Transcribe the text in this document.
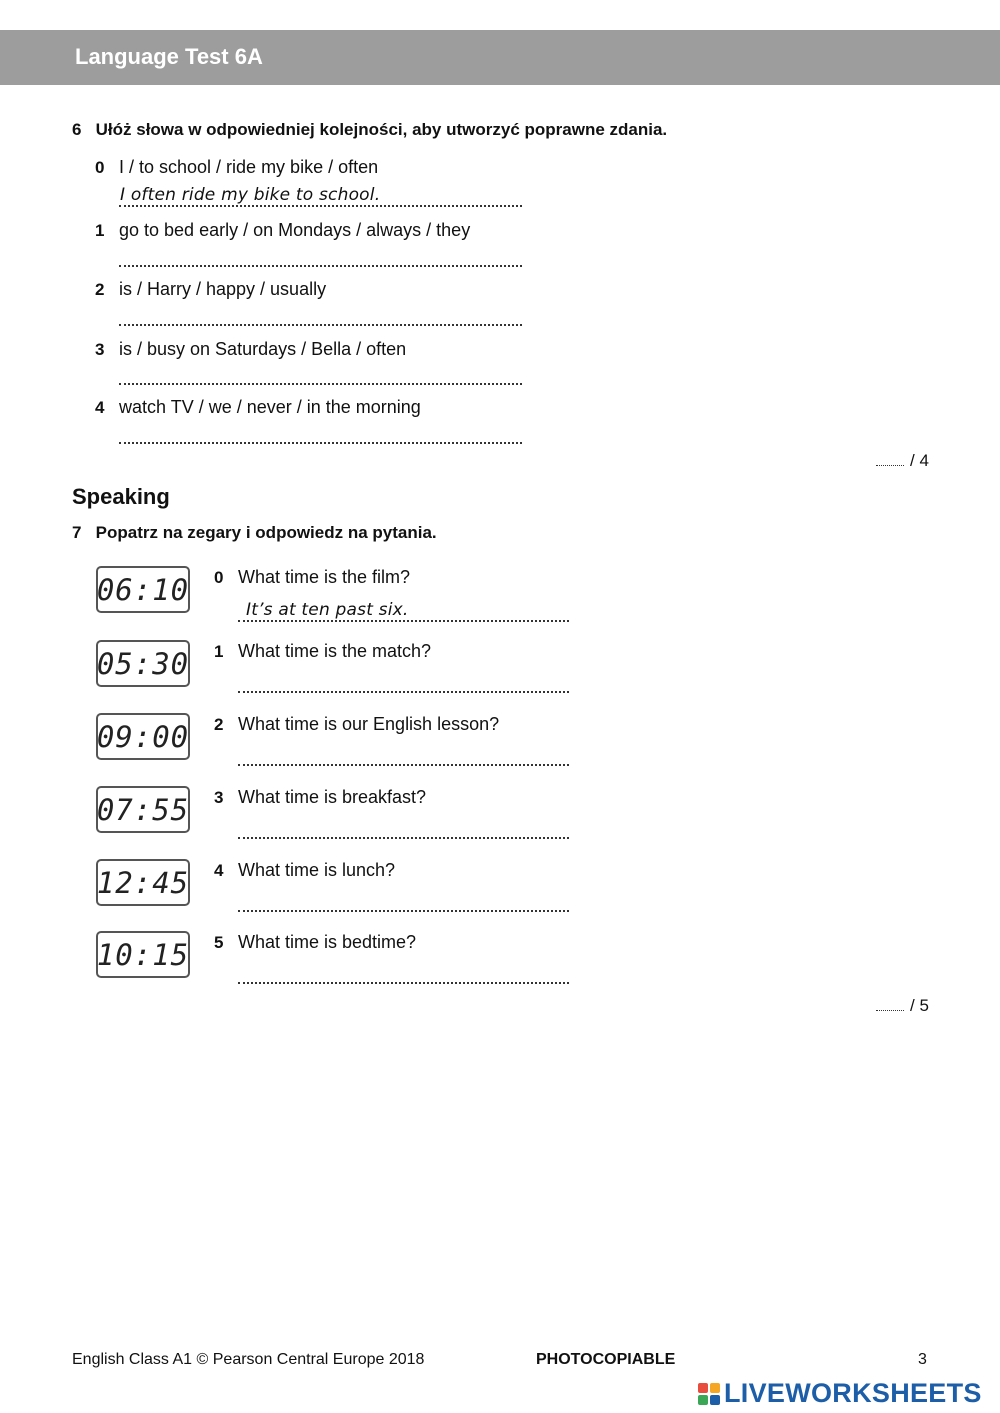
Language Test 6A
6 Ułóż słowa w odpowiedniej kolejności, aby utworzyć poprawne zdania.
0 I / to school / ride my bike / often
I often ride my bike to school.
1 go to bed early / on Mondays / always / they
2 is / Harry / happy / usually
3 is / busy on Saturdays / Bella / often
4 watch TV / we / never / in the morning
/ 4
Speaking
7 Popatrz na zegary i odpowiedz na pytania.
06:10 0 What time is the film?
It’s at ten past six.
05:30 1 What time is the match?
09:00 2 What time is our English lesson?
07:55 3 What time is breakfast?
12:45 4 What time is lunch?
10:15 5 What time is bedtime?
/ 5
English Class A1 © Pearson Central Europe 2018	PHOTOCOPIABLE	3
LIVEWORKSHEETS
